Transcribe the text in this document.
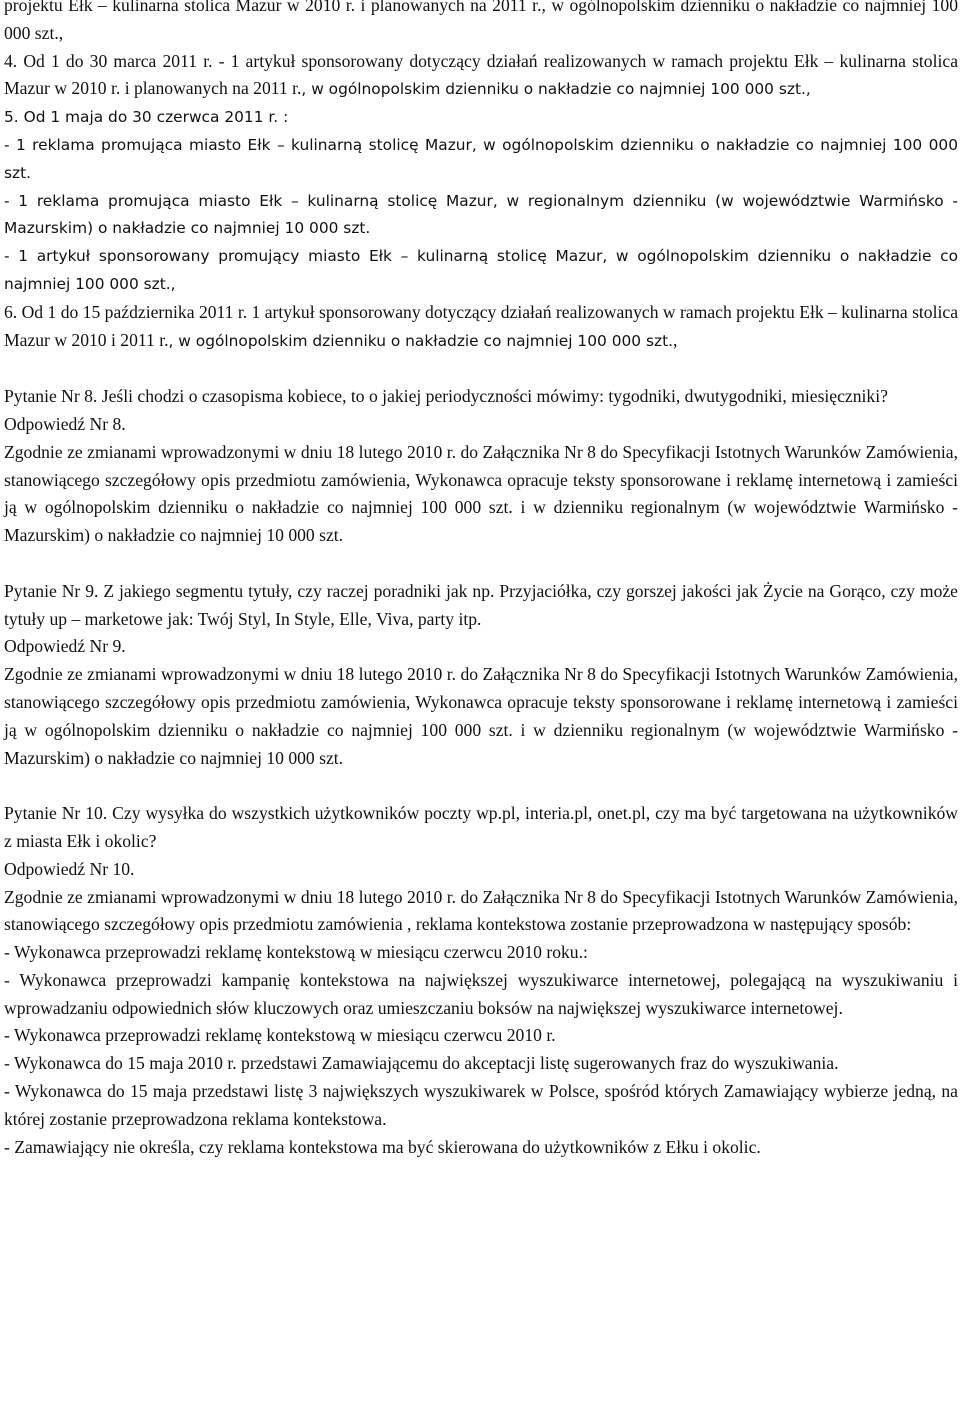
projektu Ełk – kulinarna stolica Mazur w 2010 r. i planowanych na 2011 r., w ogólnopolskim dzienniku o nakładzie co najmniej 100 000 szt.,

4. Od 1 do 30 marca 2011 r. - 1 artykuł sponsorowany dotyczący działań realizowanych w ramach projektu Ełk – kulinarna stolica Mazur w 2010 r. i planowanych na 2011 r., w ogólnopolskim dzienniku o nakładzie co najmniej 100 000 szt.,

5. Od 1 maja do 30 czerwca 2011 r. :

- 1 reklama promująca miasto Ełk – kulinarną stolicę Mazur, w ogólnopolskim dzienniku o nakładzie co najmniej 100 000 szt.

- 1 reklama promująca miasto Ełk – kulinarną stolicę Mazur, w regionalnym dzienniku (w województwie Warmińsko -Mazurskim) o nakładzie co najmniej 10 000 szt.

- 1 artykuł sponsorowany promujący miasto Ełk – kulinarną stolicę Mazur, w ogólnopolskim dzienniku o nakładzie co najmniej 100 000 szt.,

6. Od 1 do 15 października 2011 r. 1 artykuł sponsorowany dotyczący działań realizowanych w ramach projektu Ełk – kulinarna stolica Mazur w 2010 i 2011 r., w ogólnopolskim dzienniku o nakładzie co najmniej 100 000 szt.,

Pytanie Nr 8. Jeśli chodzi o czasopisma kobiece, to o jakiej periodyczności mówimy: tygodniki, dwutygodniki, miesięczniki?

Odpowiedź Nr 8.

Zgodnie ze zmianami wprowadzonymi w dniu 18 lutego 2010 r. do Załącznika Nr 8 do Specyfikacji Istotnych Warunków Zamówienia, stanowiącego szczegółowy opis przedmiotu zamówienia, Wykonawca opracuje teksty sponsorowane i reklamę internetową i zamieści ją w ogólnopolskim dzienniku o nakładzie co najmniej 100 000 szt. i w dzienniku regionalnym (w województwie Warmińsko - Mazurskim) o nakładzie co najmniej 10 000 szt.

Pytanie Nr 9. Z jakiego segmentu tytuły, czy raczej poradniki jak np. Przyjaciółka, czy gorszej jakości jak Życie na Gorąco, czy może tytuły up – marketowe jak: Twój Styl, In Style, Elle, Viva, party itp.

Odpowiedź Nr 9.

Zgodnie ze zmianami wprowadzonymi w dniu 18 lutego 2010 r. do Załącznika Nr 8 do Specyfikacji Istotnych Warunków Zamówienia, stanowiącego szczegółowy opis przedmiotu zamówienia, Wykonawca opracuje teksty sponsorowane i reklamę internetową i zamieści ją w ogólnopolskim dzienniku o nakładzie co najmniej 100 000 szt. i w dzienniku regionalnym (w województwie Warmińsko - Mazurskim) o nakładzie co najmniej 10 000 szt.

Pytanie Nr 10. Czy wysyłka do wszystkich użytkowników poczty wp.pl, interia.pl, onet.pl, czy ma być targetowana na użytkowników z miasta Ełk i okolic?

Odpowiedź Nr 10.

Zgodnie ze zmianami wprowadzonymi w dniu 18 lutego 2010 r. do Załącznika Nr 8 do Specyfikacji Istotnych Warunków Zamówienia, stanowiącego szczegółowy opis przedmiotu zamówienia , reklama kontekstowa zostanie przeprowadzona w następujący sposób:

- Wykonawca przeprowadzi reklamę kontekstową w miesiącu czerwcu 2010 roku.:

- Wykonawca przeprowadzi kampanię kontekstowa na największej wyszukiwarce internetowej, polegającą na wyszukiwaniu i wprowadzaniu odpowiednich słów kluczowych oraz umieszczaniu boksów na największej wyszukiwarce internetowej.

- Wykonawca przeprowadzi reklamę kontekstową w miesiącu czerwcu 2010 r.

- Wykonawca do 15 maja 2010 r. przedstawi Zamawiającemu do akceptacji listę sugerowanych fraz do wyszukiwania.

- Wykonawca do 15 maja przedstawi listę 3 największych wyszukiwarek w Polsce, spośród których Zamawiający wybierze jedną, na której zostanie przeprowadzona reklama kontekstowa.

- Zamawiający nie określa, czy reklama kontekstowa ma być skierowana do użytkowników z Ełku i okolic.
